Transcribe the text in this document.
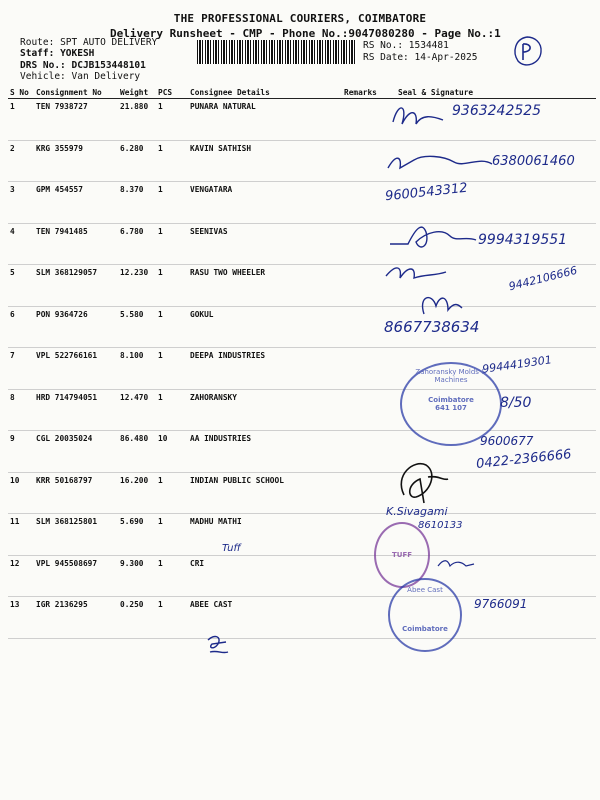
THE PROFESSIONAL COURIERS, COIMBATORE
Delivery Runsheet - CMP - Phone No.:9047080280 - Page No.:1
Route: SPT AUTO DELIVERY
Staff: YOKESH
DRS No.: DCJB153448101
Vehicle: Van Delivery
RS No.: 1534481
RS Date: 14-Apr-2025
S No	Consignment No	Weight	PCS	Consignee Details	Remarks	Seal & Signature
1	TEN 7938727	21.880	1	PUNARA NATURAL		
2	KRG 355979	6.280	1	KAVIN SATHISH		
3	GPM 454557	8.370	1	VENGATARA		
4	TEN 7941485	6.780	1	SEENIVAS		
5	SLM 368129057	12.230	1	RASU TWO WHEELER		
6	PON 9364726	5.580	1	GOKUL		
7	VPL 522766161	8.100	1	DEEPA INDUSTRIES		
8	HRD 714794051	12.470	1	ZAHORANSKY		
9	CGL 20035024	86.480	10	AA INDUSTRIES		
10	KRR 50168797	16.200	1	INDIAN PUBLIC SCHOOL		
11	SLM 368125801	5.690	1	MADHU MATHI		
12	VPL 945508697	9.300	1	CRI		
13	IGR 2136295	0.250	1	ABEE CAST		
9363242525
6380061460
9600543312
9994319551
9442106666
8667738634
9944419301
Zahoransky Molds & Machines
Coimbatore 641 107	8/50
9600677
0422-2366666
K.Sivagami
8610133
TUFF
Tuff
Abee Cast
Coimbatore
9766091
